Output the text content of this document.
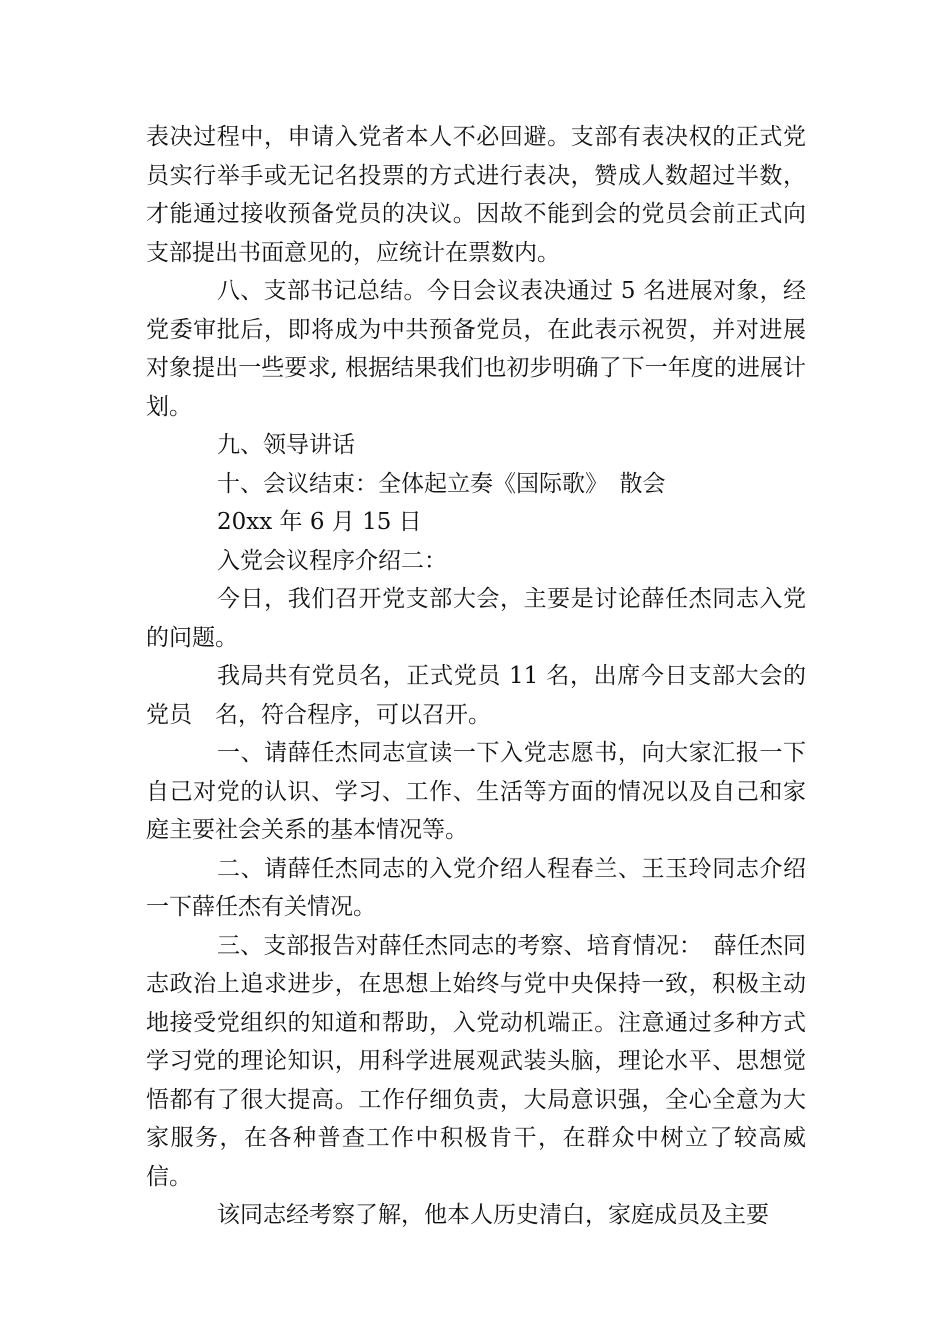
表决过程中，申请入党者本人不必回避。支部有表决权的正式党员实行举手或无记名投票的方式进行表决，赞成人数超过半数，才能通过接收预备党员的决议。因故不能到会的党员会前正式向支部提出书面意见的，应统计在票数内。

八、支部书记总结。今日会议表决通过 5 名进展对象，经党委审批后，即将成为中共预备党员，在此表示祝贺，并对进展对象提出一些要求, 根据结果我们也初步明确了下一年度的进展计划。

九、领导讲话

十、会议结束：全体起立奏《国际歌》　散会

20xx 年 6 月 15 日

入党会议程序介绍二：

今日，我们召开党支部大会，主要是讨论薛任杰同志入党的问题。

我局共有党员名，正式党员 11 名，出席今日支部大会的党员　名，符合程序，可以召开。

一、请薛任杰同志宣读一下入党志愿书，向大家汇报一下自己对党的认识、学习、工作、生活等方面的情况以及自己和家庭主要社会关系的基本情况等。

二、请薛任杰同志的入党介绍人程春兰、王玉玲同志介绍一下薛任杰有关情况。

三、支部报告对薛任杰同志的考察、培育情况：　薛任杰同志政治上追求进步，在思想上始终与党中央保持一致，积极主动地接受党组织的知道和帮助，入党动机端正。注意通过多种方式学习党的理论知识，用科学进展观武装头脑，理论水平、思想觉悟都有了很大提高。工作仔细负责，大局意识强，全心全意为大家服务，在各种普查工作中积极肯干，在群众中树立了较高威信。

该同志经考察了解，他本人历史清白，家庭成员及主要
